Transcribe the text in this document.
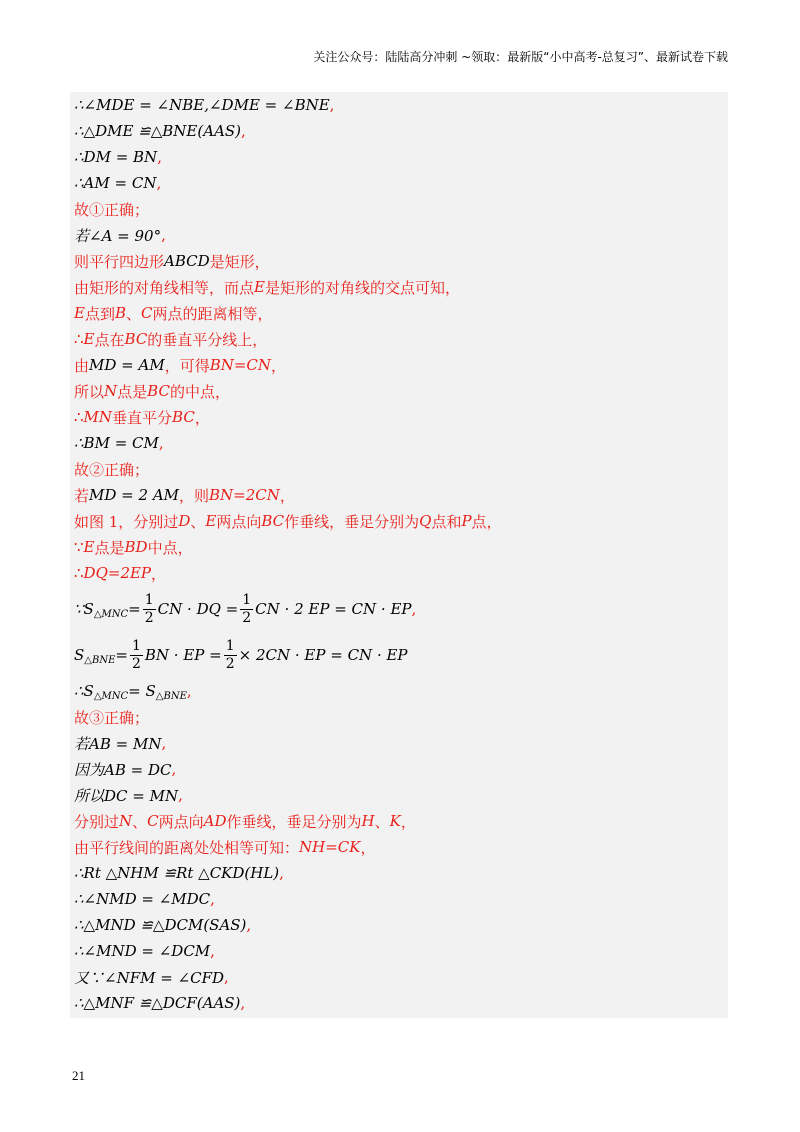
关注公众号：陆陆高分冲刺 ~领取：最新版“小中高考-总复习”、最新试卷下载
∴∠MDE = ∠NBE ,∠DME = ∠BNE ,
∴△DME ≌△BNE(AAS) ,
∴DM = BN ,
∴AM = CN ,
故①正确；
若∠A = 90° ,
则平行四边形 ABCD 是矩形，
由矩形的对角线相等，而点 E 是矩形的对角线的交点可知，
E 点到 B 、 C 两点的距离相等，
∴ E 点在 BC 的垂直平分线上，
由 MD = AM ，可得 BN=CN ，
所以 N 点是 BC 的中点，
∴ MN 垂直平分 BC ，
∴BM = CM ,
故②正确；
若 MD = 2 AM ，则 BN=2CN ，
如图 1，分别过 D 、 E 两点向 BC 作垂线，垂足分别为 Q 点和 P 点，
∵ E 点是 BD 中点，
∴ DQ=2EP ，
∵S △MNC = $\frac{1}{2}$ CN · DQ = $\frac{1}{2}$ CN · 2 EP = CN · EP ,
S △BNE = $\frac{1}{2}$ BN · EP = $\frac{1}{2} \times 2CN$ · EP = CN · EP
∴S △MNC = S △BNE ,
故③正确；
若AB = MN ,
因为AB = DC ,
所以DC = MN ,
分别过 N 、 C 两点向 AD 作垂线，垂足分别为 H 、 K ，
由平行线间的距离处处相等可知： NH=CK ，
∴Rt △NHM ≌Rt △CKD(HL) ,
∴∠NMD = ∠MDC ,
∴△MND ≌△DCM(SAS) ,
∴∠MND = ∠DCM ,
又∵∠NFM = ∠CFD ,
∴△MNF ≌△DCF(AAS) ,
21
